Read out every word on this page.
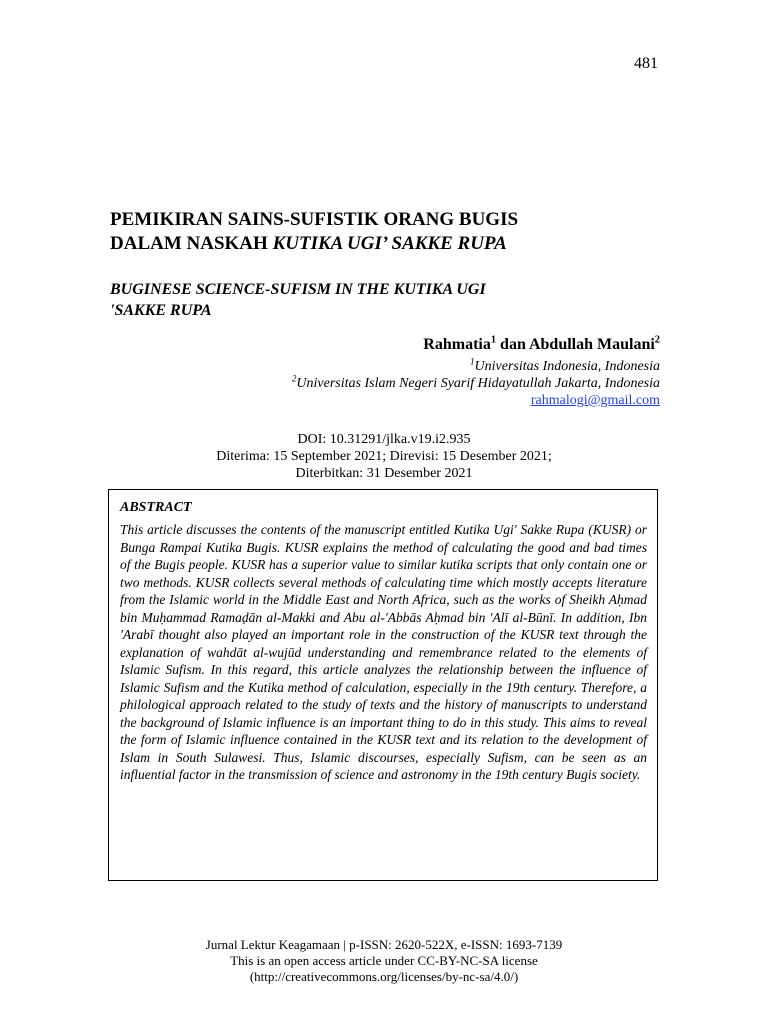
481
PEMIKIRAN SAINS-SUFISTIK ORANG BUGIS
DALAM NASKAH KUTIKA UGI’ SAKKE RUPA
BUGINESE SCIENCE-SUFISM IN THE KUTIKA UGI
'SAKKE RUPA
Rahmatia$^1$ dan Abdullah Maulani$^2$
$^1$Universitas Indonesia, Indonesia
$^2$Universitas Islam Negeri Syarif Hidayatullah Jakarta, Indonesia
rahmalogi@gmail.com
DOI: 10.31291/jlka.v19.i2.935
Diterima: 15 September 2021; Direvisi: 15 Desember 2021;
Diterbitkan: 31 Desember 2021

ABSTRACT

This article discusses the contents of the manuscript entitled Kutika Ugi' Sakke Rupa (KUSR) or Bunga Rampai Kutika Bugis. KUSR explains the method of calculating the good and bad times of the Bugis people. KUSR has a superior value to similar kutika scripts that only contain one or two methods. KUSR collects several methods of calculating time which mostly accepts literature from the Islamic world in the Middle East and North Africa, such as the works of Sheikh Aḥmad bin Muḥammad Ramaḍān al-Makki and Abu al-'Abbās Aḥmad bin 'Alī al-Būnī. In addition, Ibn 'Arabī thought also played an important role in the construction of the KUSR text through the explanation of wahdāt al-wujūd understanding and remembrance related to the elements of Islamic Sufism. In this regard, this article analyzes the relationship between the influence of Islamic Sufism and the Kutika method of calculation, especially in the 19th century. Therefore, a philological approach related to the study of texts and the history of manuscripts to understand the background of Islamic influence is an important thing to do in this study. This aims to reveal the form of Islamic influence contained in the KUSR text and its relation to the development of Islam in South Sulawesi. Thus, Islamic discourses, especially Sufism, can be seen as an influential factor in the transmission of science and astronomy in the 19th century Bugis society.

Jurnal Lektur Keagamaan | p-ISSN: 2620-522X, e-ISSN: 1693-7139
This is an open access article under CC-BY-NC-SA license
(http://creativecommons.org/licenses/by-nc-sa/4.0/)
